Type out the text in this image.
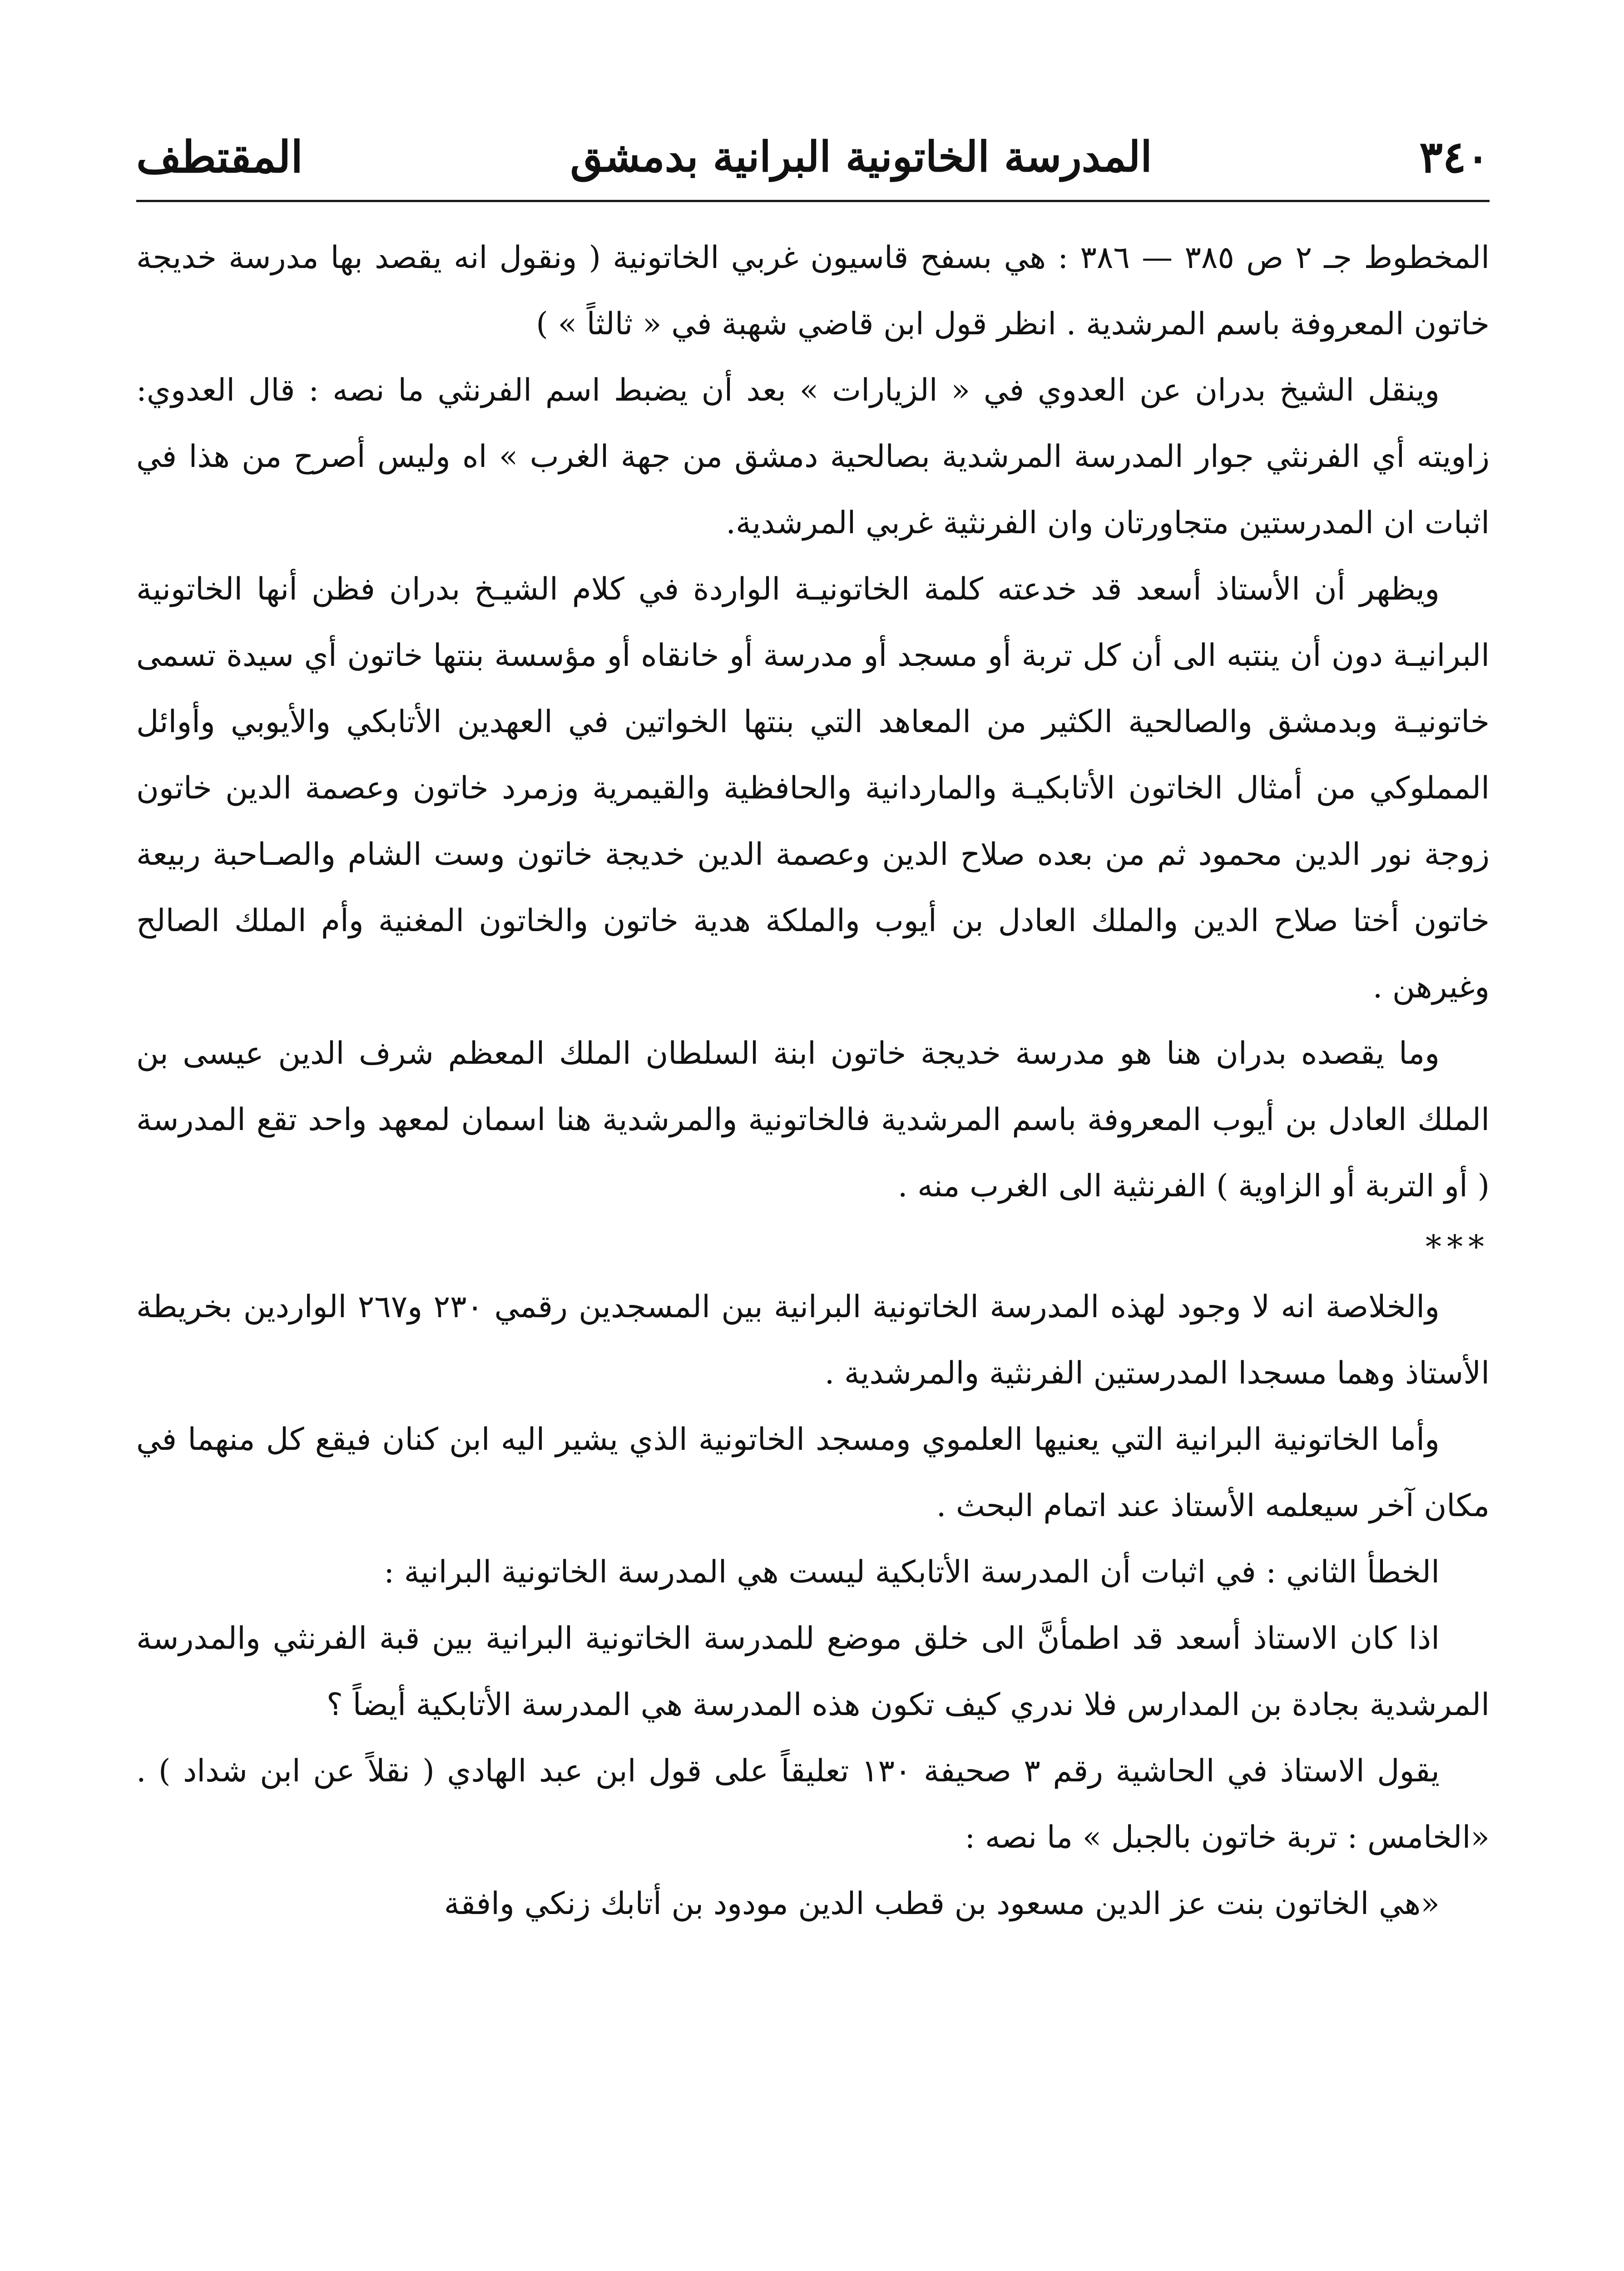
٣٤٠
المدرسة الخاتونية البرانية بدمشق
المقتطف

المخطوط جـ ٢ ص ٣٨٥ — ٣٨٦ : هي بسفح قاسيون غربي الخاتونية ( ونقول انه يقصد بها مدرسة خديجة خاتون المعروفة باسم المرشدية . انظر قول ابن قاضي شهبة في « ثالثاً » )

وينقل الشيخ بدران عن العدوي في « الزيارات » بعد أن يضبط اسم الفرنثي ما نصه : قال العدوي: زاويته أي الفرنثي جوار المدرسة المرشدية بصالحية دمشق من جهة الغرب » اه وليس أصرح من هذا في اثبات ان المدرستين متجاورتان وان الفرنثية غربي المرشدية.

ويظهر أن الأستاذ أسعد قد خدعته كلمة الخاتونيـة الواردة في كلام الشيـخ بدران فظن أنها الخاتونية البرانيـة دون أن ينتبه الى أن كل تربة أو مسجد أو مدرسة أو خانقاه أو مؤسسة بنتها خاتون أي سيدة تسمى خاتونيـة وبدمشق والصالحية الكثير من المعاهد التي بنتها الخواتين في العهدين الأتابكي والأيوبي وأوائل المملوكي من أمثال الخاتون الأتابكيـة والماردانية والحافظية والقيمرية وزمرد خاتون وعصمة الدين خاتون زوجة نور الدين محمود ثم من بعده صلاح الدين وعصمة الدين خديجة خاتون وست الشام والصـاحبة ربيعة خاتون أختا صلاح الدين والملك العادل بن أيوب والملكة هدية خاتون والخاتون المغنية وأم الملك الصالح وغيرهن .

وما يقصده بدران هنا هو مدرسة خديجة خاتون ابنة السلطان الملك المعظم شرف الدين عيسى بن الملك العادل بن أيوب المعروفة باسم المرشدية فالخاتونية والمرشدية هنا اسمان لمعهد واحد تقع المدرسة ( أو التربة أو الزاوية ) الفرنثية الى الغرب منه .

***

والخلاصة انه لا وجود لهذه المدرسة الخاتونية البرانية بين المسجدين رقمي ٢٣٠ و٢٦٧ الواردين بخريطة الأستاذ وهما مسجدا المدرستين الفرنثية والمرشدية .

وأما الخاتونية البرانية التي يعنيها العلموي ومسجد الخاتونية الذي يشير اليه ابن كنان فيقع كل منهما في مكان آخر سيعلمه الأستاذ عند اتمام البحث .

الخطأ الثاني : في اثبات أن المدرسة الأتابكية ليست هي المدرسة الخاتونية البرانية :

اذا كان الاستاذ أسعد قد اطمأنَّ الى خلق موضع للمدرسة الخاتونية البرانية بين قبة الفرنثي والمدرسة المرشدية بجادة بن المدارس فلا ندري كيف تكون هذه المدرسة هي المدرسة الأتابكية أيضاً ؟

يقول الاستاذ في الحاشية رقم ٣ صحيفة ١٣٠ تعليقاً على قول ابن عبد الهادي ( نقلاً عن ابن شداد ) . «الخامس : تربة خاتون بالجبل » ما نصه :

«هي الخاتون بنت عز الدين مسعود بن قطب الدين مودود بن أتابك زنكي وافقة
